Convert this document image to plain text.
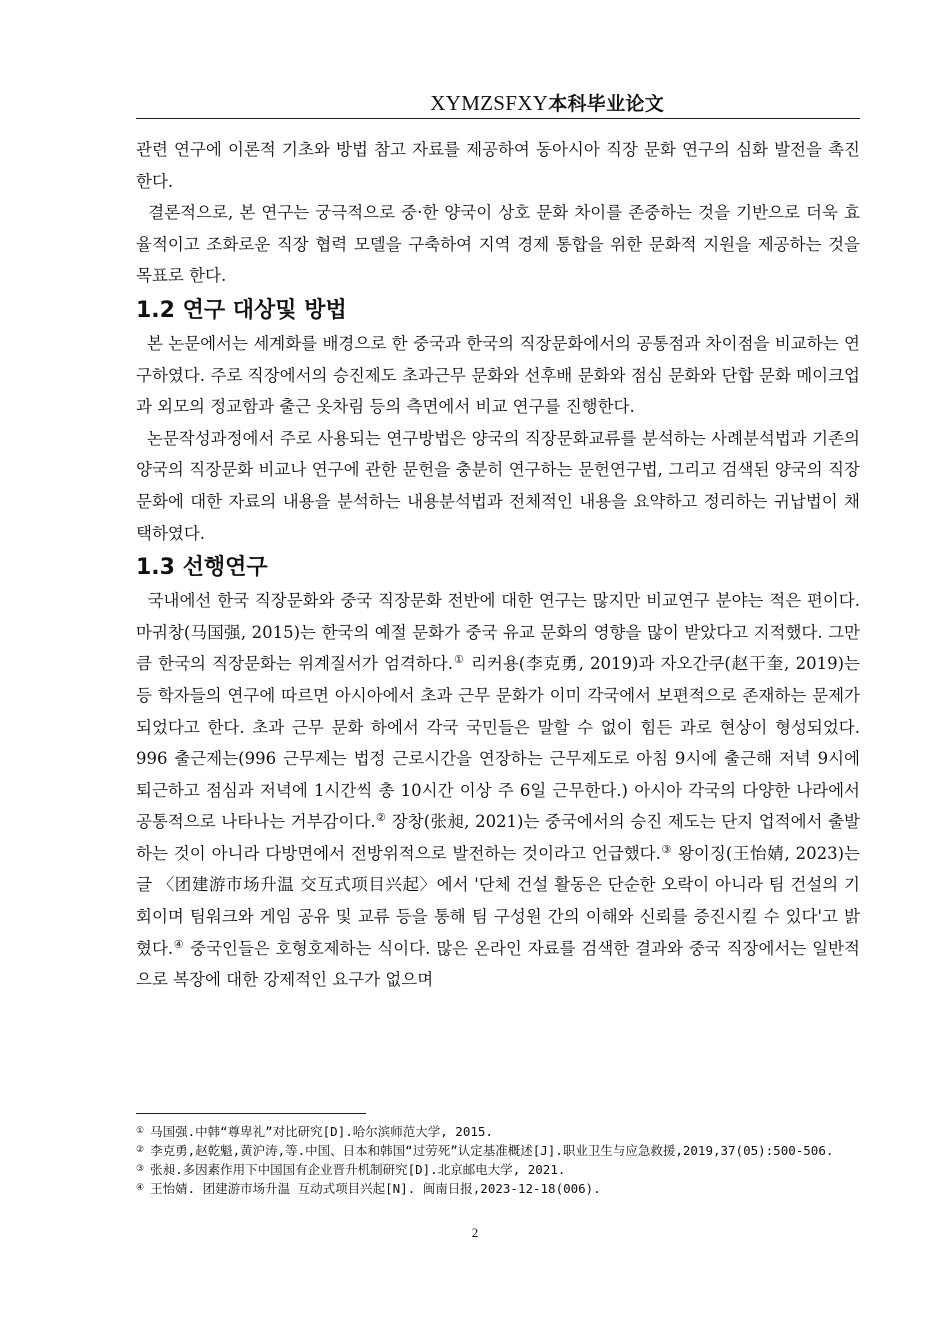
XYMZSFXY本科毕业论文

관련 연구에 이론적 기초와 방법 참고 자료를 제공하여 동아시아 직장 문화 연구의 심화 발전을 촉진한다.

결론적으로, 본 연구는 궁극적으로 중·한 양국이 상호 문화 차이를 존중하는 것을 기반으로 더욱 효율적이고 조화로운 직장 협력 모델을 구축하여 지역 경제 통합을 위한 문화적 지원을 제공하는 것을 목표로 한다.

1.2 연구 대상및 방법

본 논문에서는 세계화를 배경으로 한 중국과 한국의 직장문화에서의 공통점과 차이점을 비교하는 연구하였다. 주로 직장에서의 승진제도 초과근무 문화와 선후배 문화와 점심 문화와 단합 문화 메이크업과 외모의 정교함과 출근 옷차림 등의 측면에서 비교 연구를 진행한다.

논문작성과정에서 주로 사용되는 연구방법은 양국의 직장문화교류를 분석하는 사례분석법과 기존의 양국의 직장문화 비교나 연구에 관한 문헌을 충분히 연구하는 문헌연구법, 그리고 검색된 양국의 직장문화에 대한 자료의 내용을 분석하는 내용분석법과 전체적인 내용을 요약하고 정리하는 귀납법이 채택하였다.

1.3 선행연구

국내에선 한국 직장문화와 중국 직장문화 전반에 대한 연구는 많지만 비교연구 분야는 적은 편이다. 마궈창(马国强, 2015)는 한국의 예절 문화가 중국 유교 문화의 영향을 많이 받았다고 지적했다. 그만큼 한국의 직장문화는 위계질서가 엄격하다.① 리커용(李克勇, 2019)과 자오간쿠(赵干奎, 2019)는 등 학자들의 연구에 따르면 아시아에서 초과 근무 문화가 이미 각국에서 보편적으로 존재하는 문제가 되었다고 한다. 초과 근무 문화 하에서 각국 국민들은 말할 수 없이 힘든 과로 현상이 형성되었다. 996 출근제는(996 근무제는 법정 근로시간을 연장하는 근무제도로 아침 9시에 출근해 저녁 9시에 퇴근하고 점심과 저녁에 1시간씩 총 10시간 이상 주 6일 근무한다.) 아시아 각국의 다양한 나라에서 공통적으로 나타나는 거부감이다.② 장창(张昶, 2021)는 중국에서의 승진 제도는 단지 업적에서 출발하는 것이 아니라 다방면에서 전방위적으로 발전하는 것이라고 언급했다.③ 왕이징(王怡婧, 2023)는 글 〈团建游市场升温 交互式项目兴起〉에서 '단체 건설 활동은 단순한 오락이 아니라 팀 건설의 기회이며 팀워크와 게임 공유 및 교류 등을 통해 팀 구성원 간의 이해와 신뢰를 증진시킬 수 있다'고 밝혔다.④ 중국인들은 호형호제하는 식이다. 많은 온라인 자료를 검색한 결과와 중국 직장에서는 일반적으로 복장에 대한 강제적인 요구가 없으며

① 马国强.中韩“尊卑礼”对比研究[D].哈尔滨师范大学, 2015.

② 李克勇,赵乾魁,黄沪涛,等.中国、日本和韩国“过劳死”认定基准概述[J].职业卫生与应急救援,2019,37(05):500-506.

③ 张昶.多因素作用下中国国有企业晋升机制研究[D].北京邮电大学, 2021.

④ 王怡婧. 团建游市场升温 互动式项目兴起[N]. 闽南日报,2023-12-18(006).

2
